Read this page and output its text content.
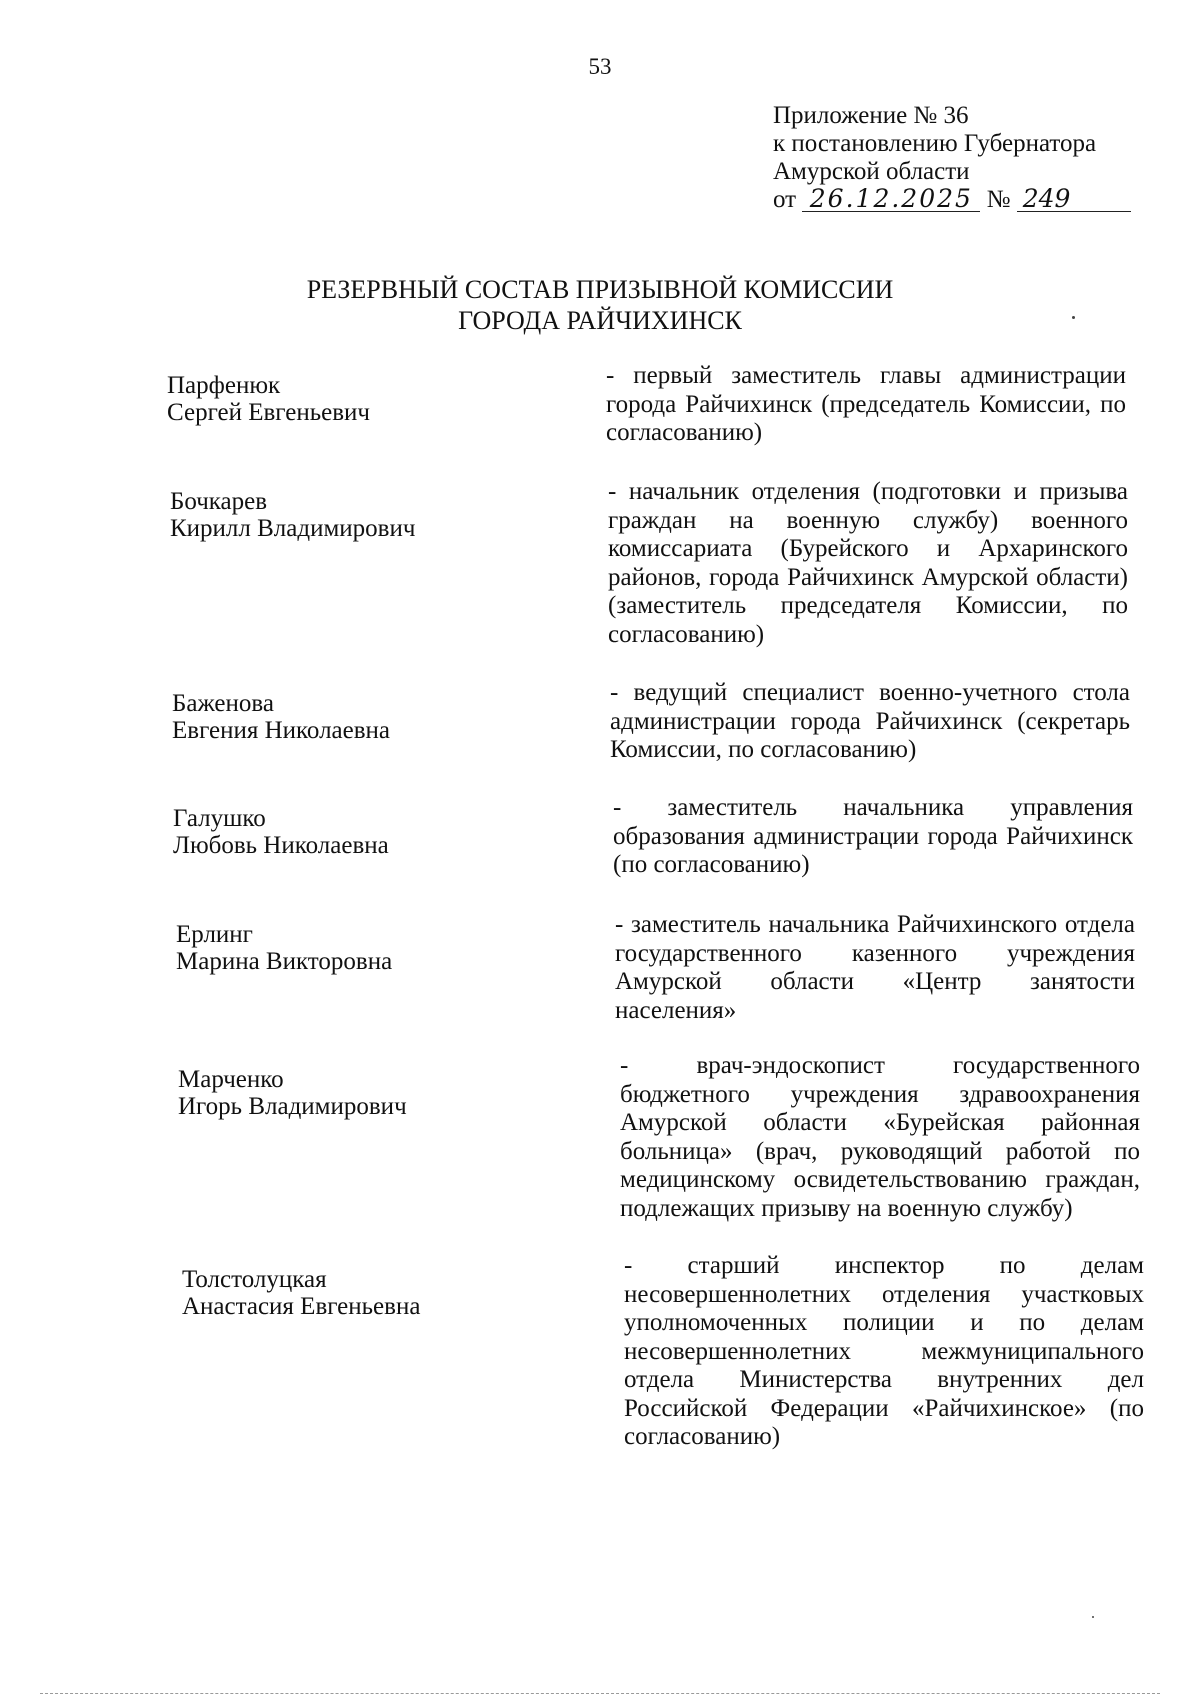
53
Приложение № 36
к постановлению Губернатора
Амурской области
от 26.12.2025 № 249
РЕЗЕРВНЫЙ СОСТАВ ПРИЗЫВНОЙ КОМИССИИ
ГОРОДА РАЙЧИХИНСК
Парфенюк
Сергей Евгеньевич
- первый заместитель главы администрации города Райчихинск (председатель Комиссии, по согласованию)
Бочкарев
Кирилл Владимирович
- начальник отделения (подготовки и призыва граждан на военную службу) военного комиссариата (Бурейского и Архаринского районов, города Райчихинск Амурской области) (заместитель председателя Комиссии, по согласованию)
Баженова
Евгения Николаевна
- ведущий специалист военно-учетного стола администрации города Райчихинск (секретарь Комиссии, по согласованию)
Галушко
Любовь Николаевна
- заместитель начальника управления образования администрации города Райчихинск (по согласованию)
Ерлинг
Марина Викторовна
- заместитель начальника Райчихинского отдела государственного казенного учреждения Амурской области «Центр занятости населения»
Марченко
Игорь Владимирович
- врач-эндоскопист государственного бюджетного учреждения здравоохранения Амурской области «Бурейская районная больница» (врач, руководящий работой по медицинскому освидетельствованию граждан, подлежащих призыву на военную службу)
Толстолуцкая
Анастасия Евгеньевна
- старший инспектор по делам несовершеннолетних отделения участковых уполномоченных полиции и по делам несовершеннолетних межмуниципального отдела Министерства внутренних дел Российской Федерации «Райчихинское» (по согласованию)
